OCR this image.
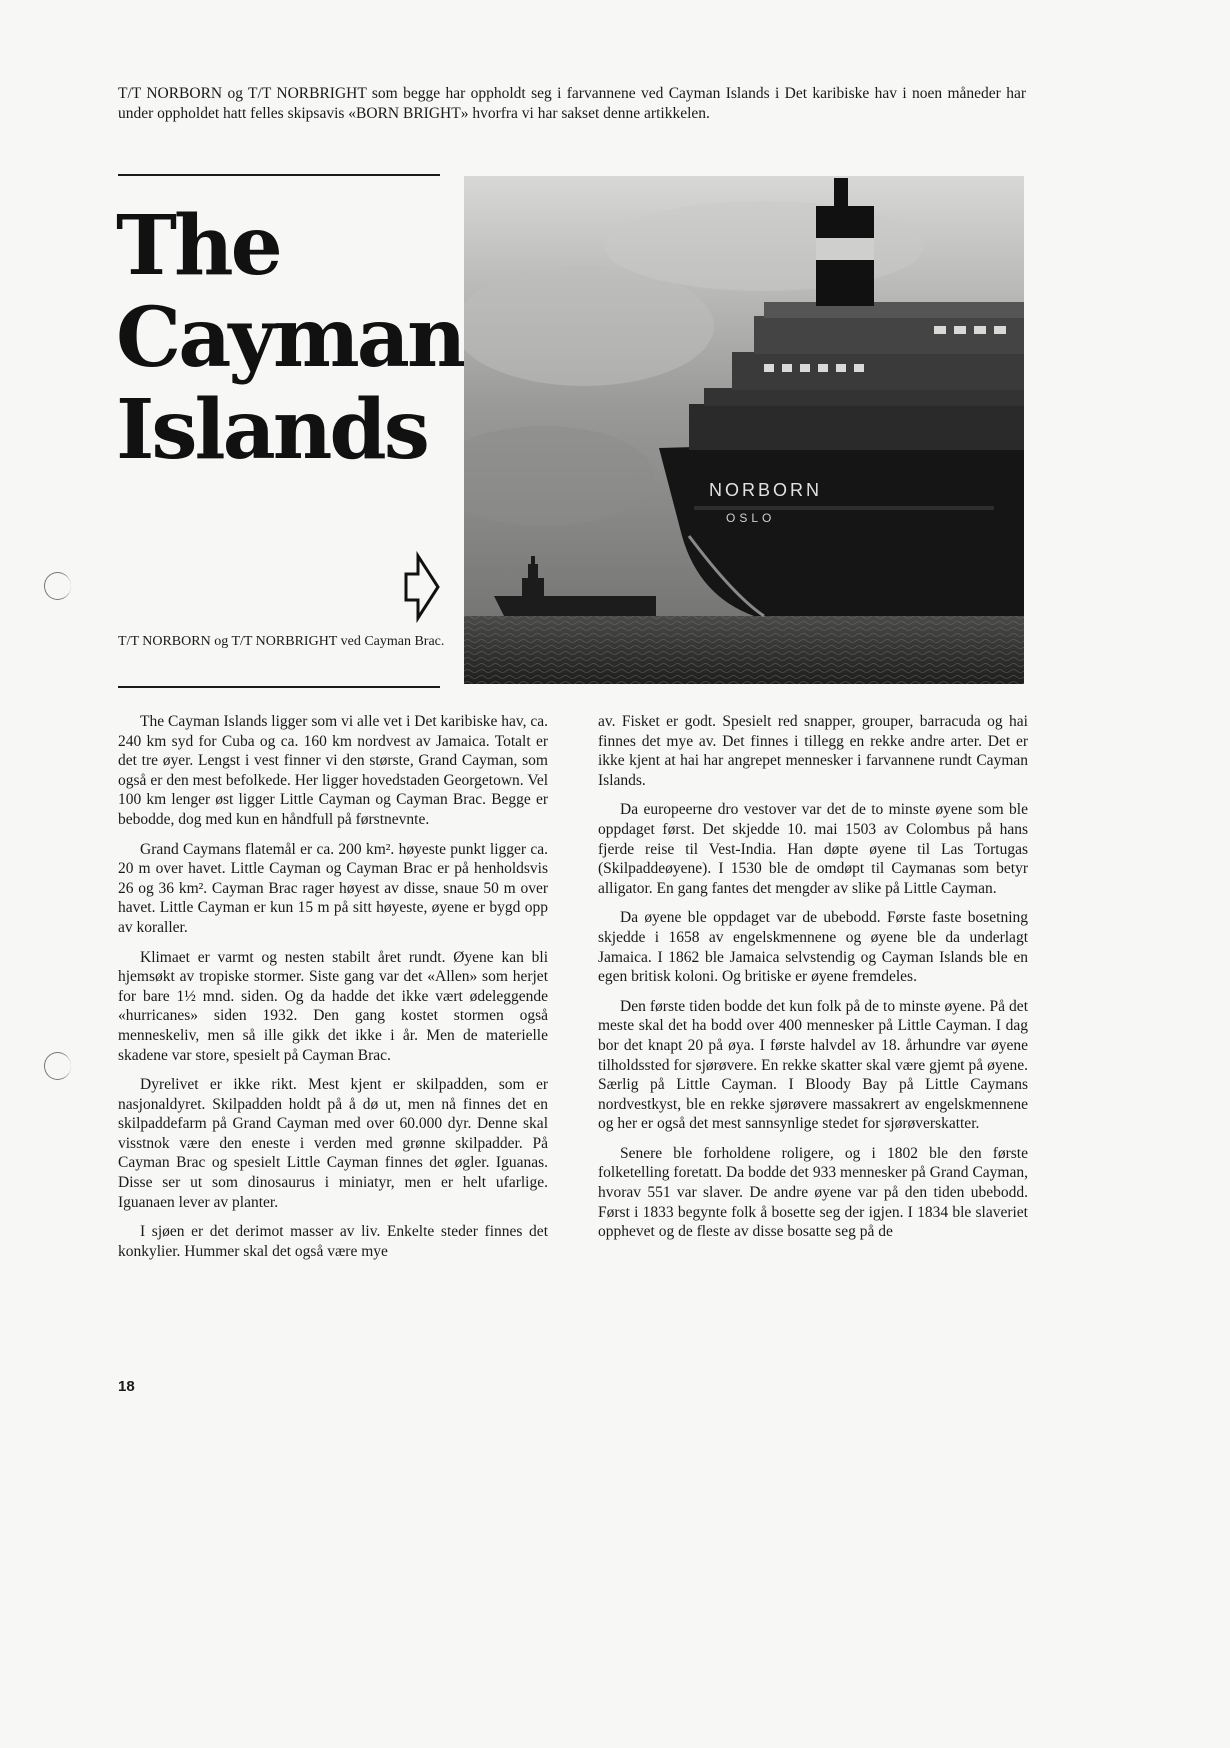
T/T NORBORN og T/T NORBRIGHT som begge har oppholdt seg i farvannene ved Cayman Islands i Det karibiske hav i noen måneder har under oppholdet hatt felles skipsavis «BORN BRIGHT» hvorfra vi har sakset denne artikkelen.
The
Cayman
Islands
T/T NORBORN og T/T NORBRIGHT ved Cayman Brac.
NORBORN
OSLO

The Cayman Islands ligger som vi alle vet i Det karibiske hav, ca. 240 km syd for Cuba og ca. 160 km nordvest av Jamaica. Totalt er det tre øyer. Lengst i vest finner vi den største, Grand Cayman, som også er den mest befolkede. Her ligger hovedstaden Georgetown. Vel 100 km lenger øst ligger Little Cayman og Cayman Brac. Begge er bebodde, dog med kun en håndfull på førstnevnte.

Grand Caymans flatemål er ca. 200 km². høyeste punkt ligger ca. 20 m over havet. Little Cayman og Cayman Brac er på henholdsvis 26 og 36 km². Cayman Brac rager høyest av disse, snaue 50 m over havet. Little Cayman er kun 15 m på sitt høyeste, øyene er bygd opp av koraller.

Klimaet er varmt og nesten stabilt året rundt. Øyene kan bli hjemsøkt av tropiske stormer. Siste gang var det «Allen» som herjet for bare 1½ mnd. siden. Og da hadde det ikke vært ødeleggende «hurricanes» siden 1932. Den gang kostet stormen også menneskeliv, men så ille gikk det ikke i år. Men de materielle skadene var store, spesielt på Cayman Brac.

Dyrelivet er ikke rikt. Mest kjent er skilpadden, som er nasjonaldyret. Skilpadden holdt på å dø ut, men nå finnes det en skilpaddefarm på Grand Cayman med over 60.000 dyr. Denne skal visstnok være den eneste i verden med grønne skilpadder. På Cayman Brac og spesielt Little Cayman finnes det øgler. Iguanas. Disse ser ut som dinosaurus i miniatyr, men er helt ufarlige. Iguanaen lever av planter.

I sjøen er det derimot masser av liv. Enkelte steder finnes det konkylier. Hummer skal det også være mye

av. Fisket er godt. Spesielt red snapper, grouper, barracuda og hai finnes det mye av. Det finnes i tillegg en rekke andre arter. Det er ikke kjent at hai har angrepet mennesker i farvannene rundt Cayman Islands.

Da europeerne dro vestover var det de to minste øyene som ble oppdaget først. Det skjedde 10. mai 1503 av Colombus på hans fjerde reise til Vest-India. Han døpte øyene til Las Tortugas (Skilpaddeøyene). I 1530 ble de omdøpt til Caymanas som betyr alligator. En gang fantes det mengder av slike på Little Cayman.

Da øyene ble oppdaget var de ubebodd. Første faste bosetning skjedde i 1658 av engelskmennene og øyene ble da underlagt Jamaica. I 1862 ble Jamaica selvstendig og Cayman Islands ble en egen britisk koloni. Og britiske er øyene fremdeles.

Den første tiden bodde det kun folk på de to minste øyene. På det meste skal det ha bodd over 400 mennesker på Little Cayman. I dag bor det knapt 20 på øya. I første halvdel av 18. århundre var øyene tilholdssted for sjørøvere. En rekke skatter skal være gjemt på øyene. Særlig på Little Cayman. I Bloody Bay på Little Caymans nordvestkyst, ble en rekke sjørøvere massakrert av engelskmennene og her er også det mest sannsynlige stedet for sjørøverskatter.

Senere ble forholdene roligere, og i 1802 ble den første folketelling foretatt. Da bodde det 933 mennesker på Grand Cayman, hvorav 551 var slaver. De andre øyene var på den tiden ubebodd. Først i 1833 begynte folk å bosette seg der igjen. I 1834 ble slaveriet opphevet og de fleste av disse bosatte seg på de

18
